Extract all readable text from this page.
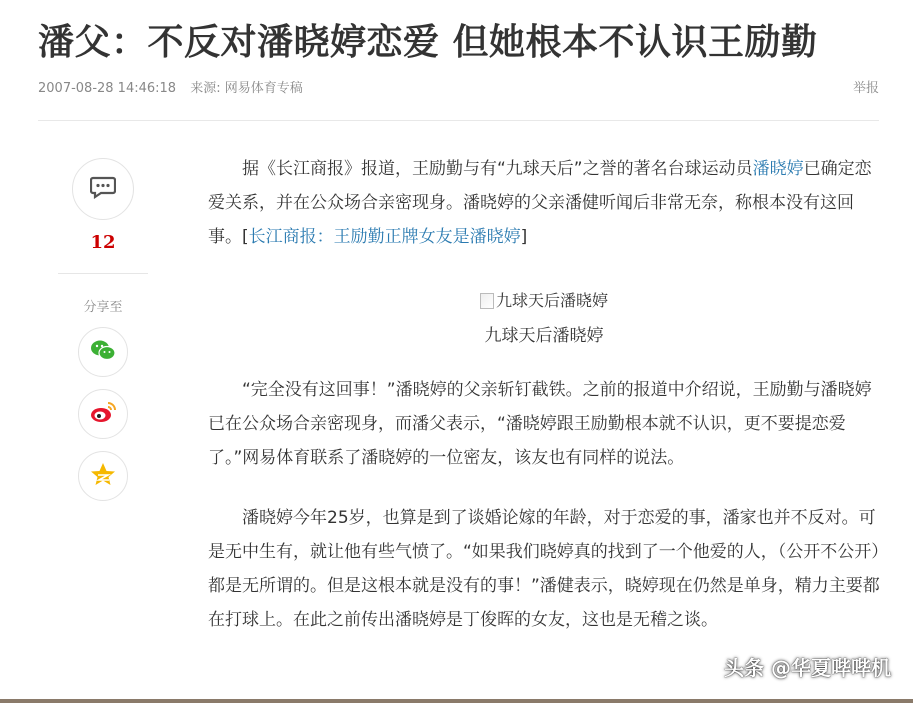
潘父：不反对潘晓婷恋爱 但她根本不认识王励勤
2007-08-28 14:46:18 来源: 网易体育专稿	举报
12
分享至

据《长江商报》报道，王励勤与有“九球天后”之誉的著名台球运动员潘晓婷已确定恋爱关系，并在公众场合亲密现身。潘晓婷的父亲潘健听闻后非常无奈，称根本没有这回事。[长江商报：王励勤正牌女友是潘晓婷]

九球天后潘晓婷
九球天后潘晓婷

“完全没有这回事！”潘晓婷的父亲斩钉截铁。之前的报道中介绍说，王励勤与潘晓婷已在公众场合亲密现身，而潘父表示，“潘晓婷跟王励勤根本就不认识，更不要提恋爱了。”网易体育联系了潘晓婷的一位密友，该友也有同样的说法。

潘晓婷今年25岁，也算是到了谈婚论嫁的年龄，对于恋爱的事，潘家也并不反对。可是无中生有，就让他有些气愤了。“如果我们晓婷真的找到了一个他爱的人，（公开不公开）都是无所谓的。但是这根本就是没有的事！”潘健表示，晓婷现在仍然是单身，精力主要都在打球上。在此之前传出潘晓婷是丁俊晖的女友，这也是无稽之谈。

头条 @华夏哔哔机
